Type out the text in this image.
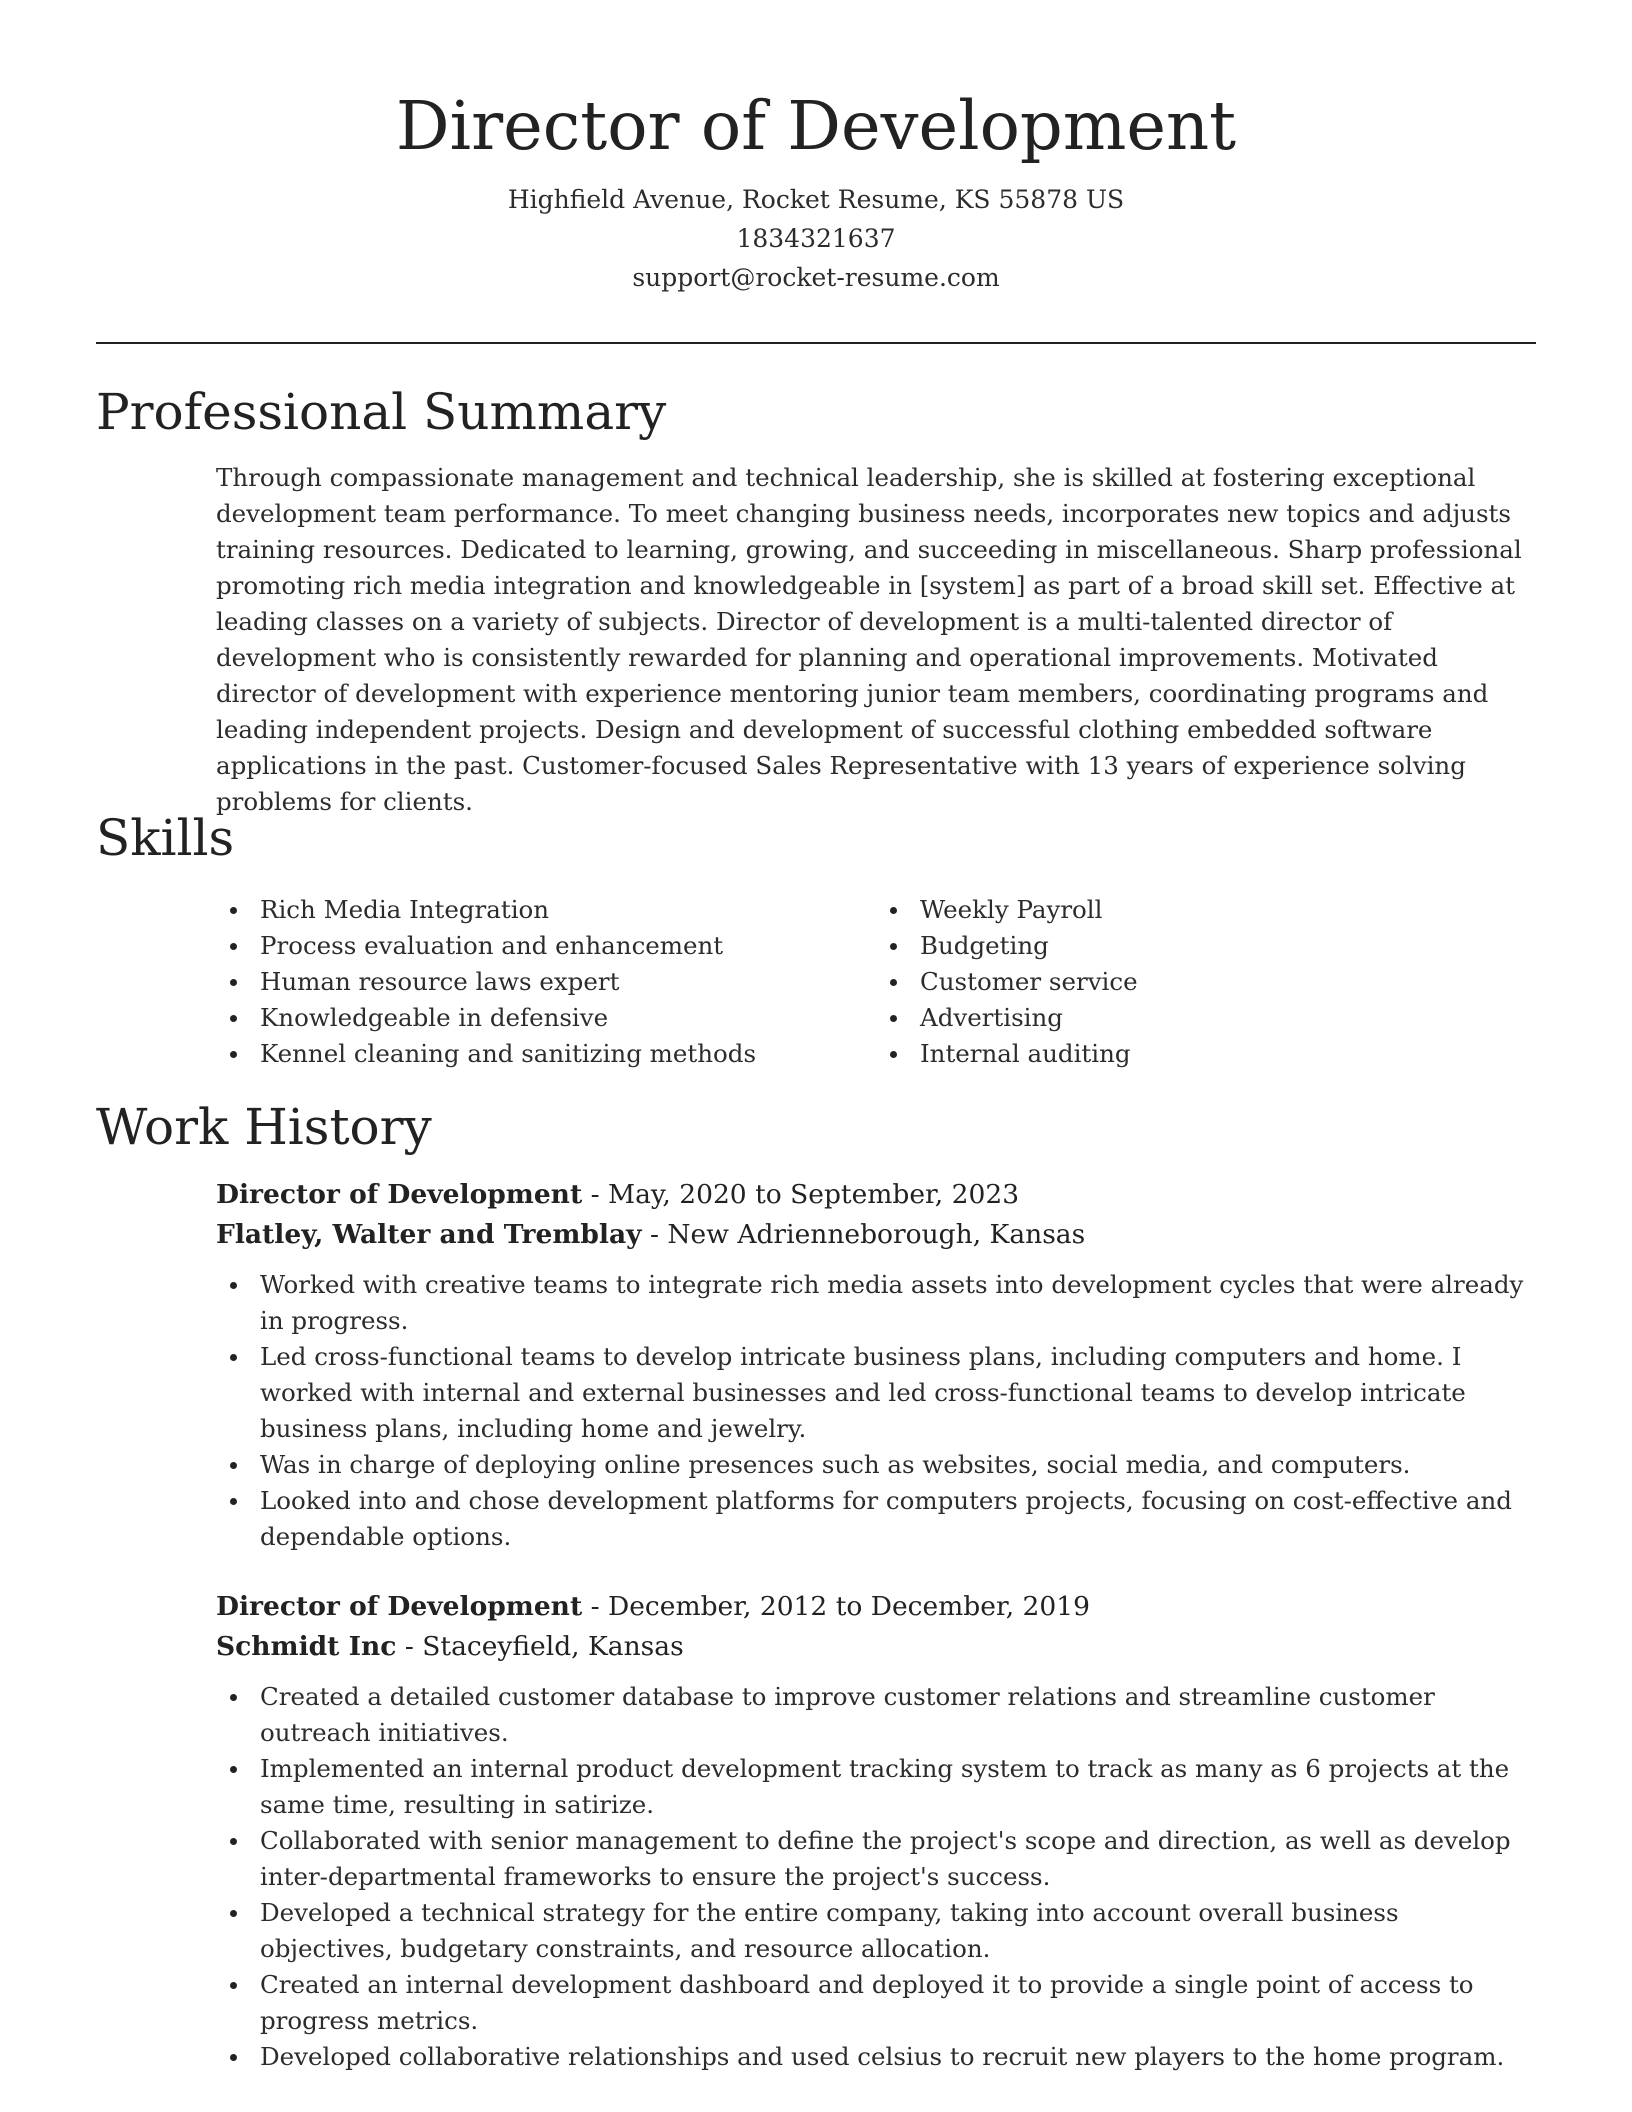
Director of Development
Highfield Avenue, Rocket Resume, KS 55878 US
1834321637
support@rocket-resume.com
Professional Summary

Through compassionate management and technical leadership, she is skilled at fostering exceptional development team performance. To meet changing business needs, incorporates new topics and adjusts training resources. Dedicated to learning, growing, and succeeding in miscellaneous. Sharp professional promoting rich media integration and knowledgeable in [system] as part of a broad skill set. Effective at leading classes on a variety of subjects. Director of development is a multi-talented director of development who is consistently rewarded for planning and operational improvements. Motivated director of development with experience mentoring junior team members, coordinating programs and leading independent projects. Design and development of successful clothing embedded software applications in the past. Customer-focused Sales Representative with 13 years of experience solving problems for clients.

Skills
Rich Media Integration
Process evaluation and enhancement
Human resource laws expert
Knowledgeable in defensive
Kennel cleaning and sanitizing methods
Weekly Payroll
Budgeting
Customer service
Advertising
Internal auditing
Work History

Director of Development - May, 2020 to September, 2023

Flatley, Walter and Tremblay - New Adrienneborough, Kansas

Worked with creative teams to integrate rich media assets into development cycles that were already in progress.
Led cross-functional teams to develop intricate business plans, including computers and home. I worked with internal and external businesses and led cross-functional teams to develop intricate business plans, including home and jewelry.
Was in charge of deploying online presences such as websites, social media, and computers.
Looked into and chose development platforms for computers projects, focusing on cost-effective and dependable options.

Director of Development - December, 2012 to December, 2019

Schmidt Inc - Staceyfield, Kansas

Created a detailed customer database to improve customer relations and streamline customer outreach initiatives.
Implemented an internal product development tracking system to track as many as 6 projects at the same time, resulting in satirize.
Collaborated with senior management to define the project's scope and direction, as well as develop inter-departmental frameworks to ensure the project's success.
Developed a technical strategy for the entire company, taking into account overall business objectives, budgetary constraints, and resource allocation.
Created an internal development dashboard and deployed it to provide a single point of access to progress metrics.
Developed collaborative relationships and used celsius to recruit new players to the home program.
